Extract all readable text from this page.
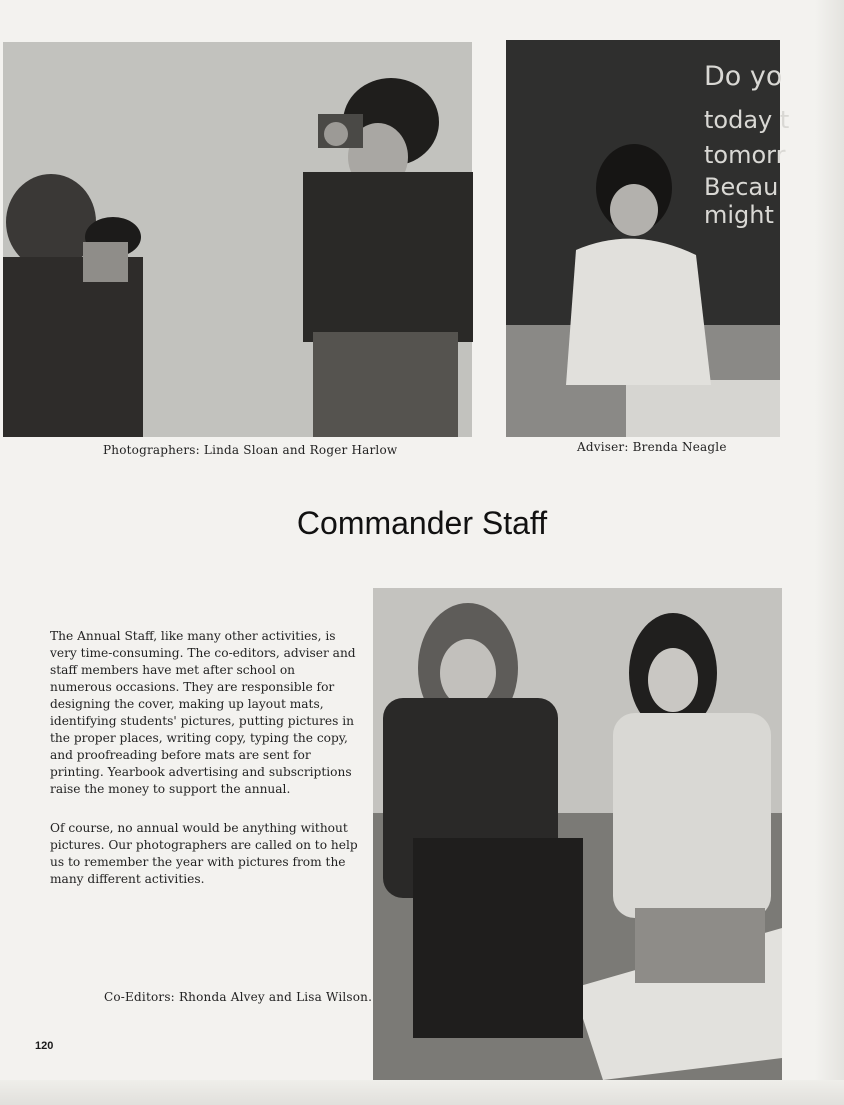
Photographers: Linda Sloan and Roger Harlow
Do yo
today t
tomorr
Becau
might
Adviser: Brenda Neagle
Commander Staff
The Annual Staff, like many other activities, is very time-consuming. The co-editors, adviser and staff members have met after school on numerous occasions. They are responsible for designing the cover, making up layout mats, identifying students' pictures, putting pictures in the proper places, writing copy, typing the copy, and proofreading before mats are sent for printing. Yearbook advertising and subscriptions raise the money to support the annual.
Of course, no annual would be anything without pictures. Our photographers are called on to help us to remember the year with pictures from the many different activities.
Co-Editors: Rhonda Alvey and Lisa Wilson.
120
